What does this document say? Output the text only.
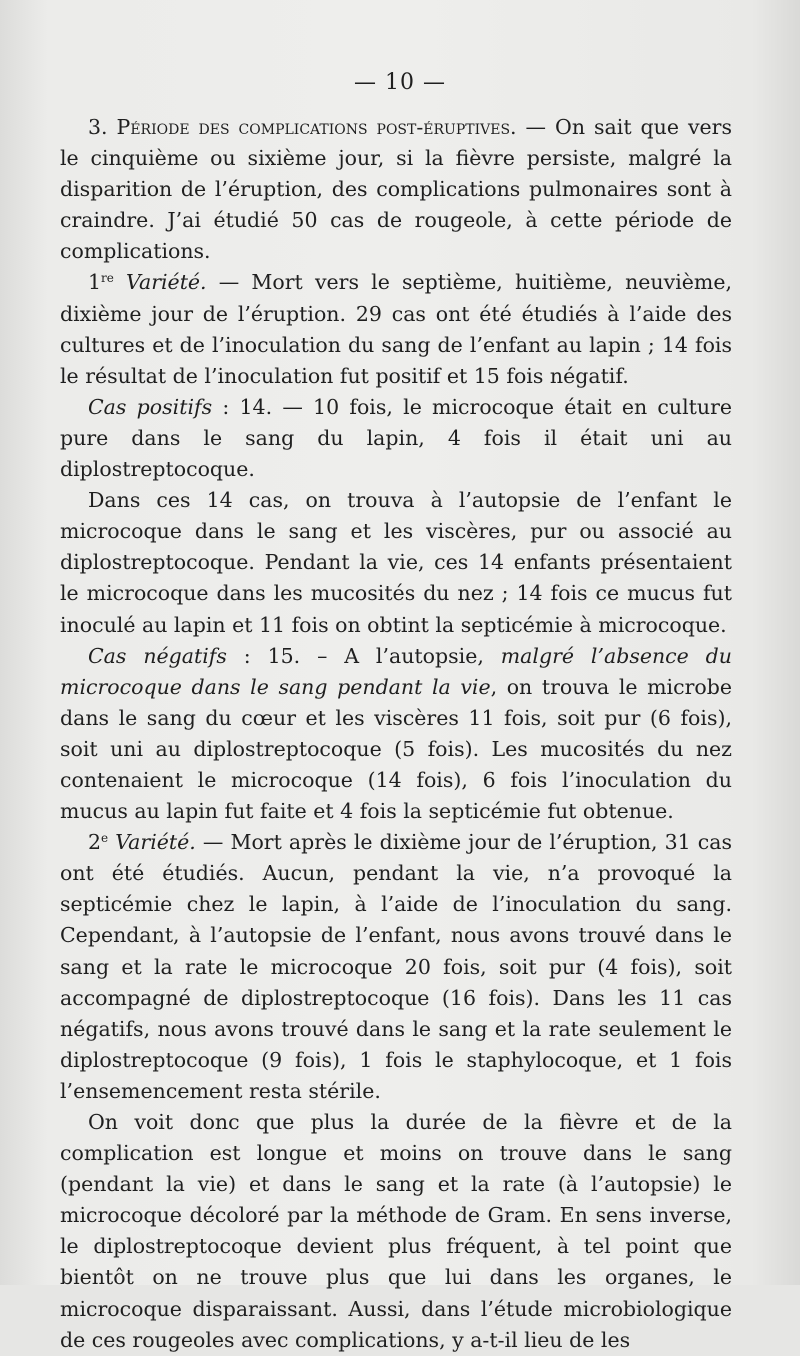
— 10 —

3. Période des complications post-éruptives. — On sait que vers le cinquième ou sixième jour, si la fièvre persiste, malgré la disparition de l’éruption, des complications pulmonaires sont à craindre. J’ai étudié 50 cas de rougeole, à cette période de complications.

1re Variété. — Mort vers le septième, huitième, neuvième, dixième jour de l’éruption. 29 cas ont été étudiés à l’aide des cultures et de l’inoculation du sang de l’enfant au lapin ; 14 fois le résultat de l’inoculation fut positif et 15 fois négatif.

Cas positifs : 14. — 10 fois, le microcoque était en culture pure dans le sang du lapin, 4 fois il était uni au diplostreptocoque.

Dans ces 14 cas, on trouva à l’autopsie de l’enfant le microcoque dans le sang et les viscères, pur ou associé au diplostreptocoque. Pendant la vie, ces 14 enfants présentaient le microcoque dans les mucosités du nez ; 14 fois ce mucus fut inoculé au lapin et 11 fois on obtint la septicémie à microcoque.

Cas négatifs : 15. – A l’autopsie, malgré l’absence du microcoque dans le sang pendant la vie, on trouva le microbe dans le sang du cœur et les viscères 11 fois, soit pur (6 fois), soit uni au diplostreptocoque (5 fois). Les mucosités du nez contenaient le microcoque (14 fois), 6 fois l’inoculation du mucus au lapin fut faite et 4 fois la septicémie fut obtenue.

2e Variété. — Mort après le dixième jour de l’éruption, 31 cas ont été étudiés. Aucun, pendant la vie, n’a provoqué la septicémie chez le lapin, à l’aide de l’inoculation du sang. Cependant, à l’autopsie de l’enfant, nous avons trouvé dans le sang et la rate le microcoque 20 fois, soit pur (4 fois), soit accompagné de diplostreptocoque (16 fois). Dans les 11 cas négatifs, nous avons trouvé dans le sang et la rate seulement le diplostreptocoque (9 fois), 1 fois le staphylocoque, et 1 fois l’ensemencement resta stérile.

On voit donc que plus la durée de la fièvre et de la complication est longue et moins on trouve dans le sang (pendant la vie) et dans le sang et la rate (à l’autopsie) le microcoque décoloré par la méthode de Gram. En sens inverse, le diplostreptocoque devient plus fréquent, à tel point que bientôt on ne trouve plus que lui dans les organes, le microcoque disparaissant. Aussi, dans l’étude microbiologique de ces rougeoles avec complications, y a-t-il lieu de les
